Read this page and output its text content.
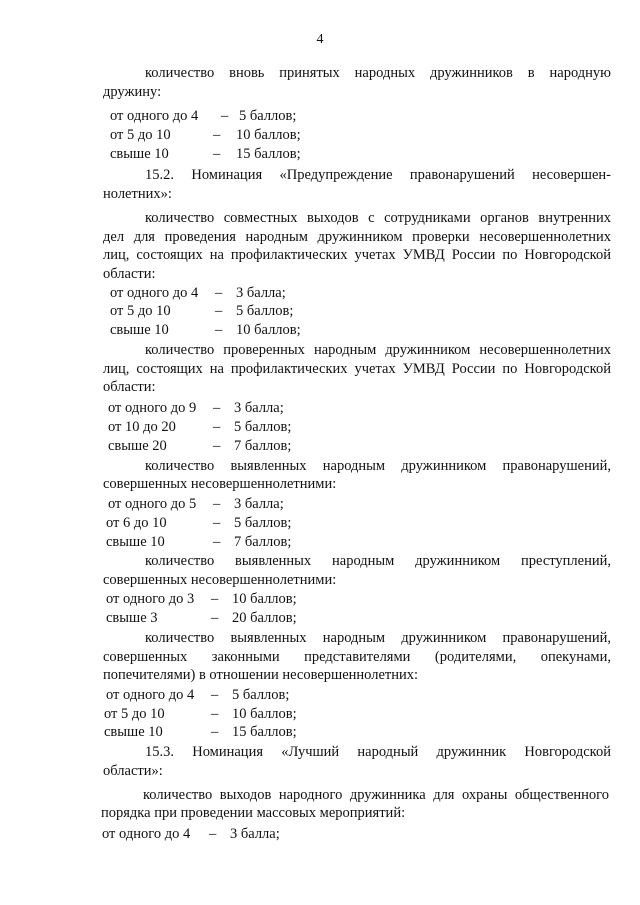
4
количество вновь принятых народных дружинников в народную
дружину:
от одного до 4 – 5 баллов;
от 5 до 10	– 10 баллов;
свыше 10	– 15 баллов;
15.2. Номинация «Предупреждение правонарушений несовершен-
нолетних»:
количество совместных выходов с сотрудниками органов внутренних
дел для проведения народным дружинником проверки несовершеннолетних
лиц, состоящих на профилактических учетах УМВД России по Новгородской
области:
от одного до 4 – 3 балла;
от 5 до 10	– 5 баллов;
свыше 10	– 10 баллов;
количество проверенных народным дружинником несовершеннолетних
лиц, состоящих на профилактических учетах УМВД России по Новгородской
области:
от одного до 9 – 3 балла;
от 10 до 20	– 5 баллов;
свыше 20	– 7 баллов;
количество выявленных народным дружинником правонарушений,
совершенных несовершеннолетними:
от одного до 5 – 3 балла;
от 6 до 10	– 5 баллов;
свыше 10	– 7 баллов;
количество выявленных народным дружинником преступлений,
совершенных несовершеннолетними:
от одного до 3 – 10 баллов;
свыше 3	– 20 баллов;
количество выявленных народным дружинником правонарушений,
совершенных законными представителями (родителями, опекунами,
попечителями) в отношении несовершеннолетних:
от одного до 4 – 5 баллов;
от 5 до 10	– 10 баллов;
свыше 10	– 15 баллов;
15.3. Номинация «Лучший народный дружинник Новгородской
области»:
количество выходов народного дружинника для охраны общественного
порядка при проведении массовых мероприятий:
от одного до 4 – 3 балла;
